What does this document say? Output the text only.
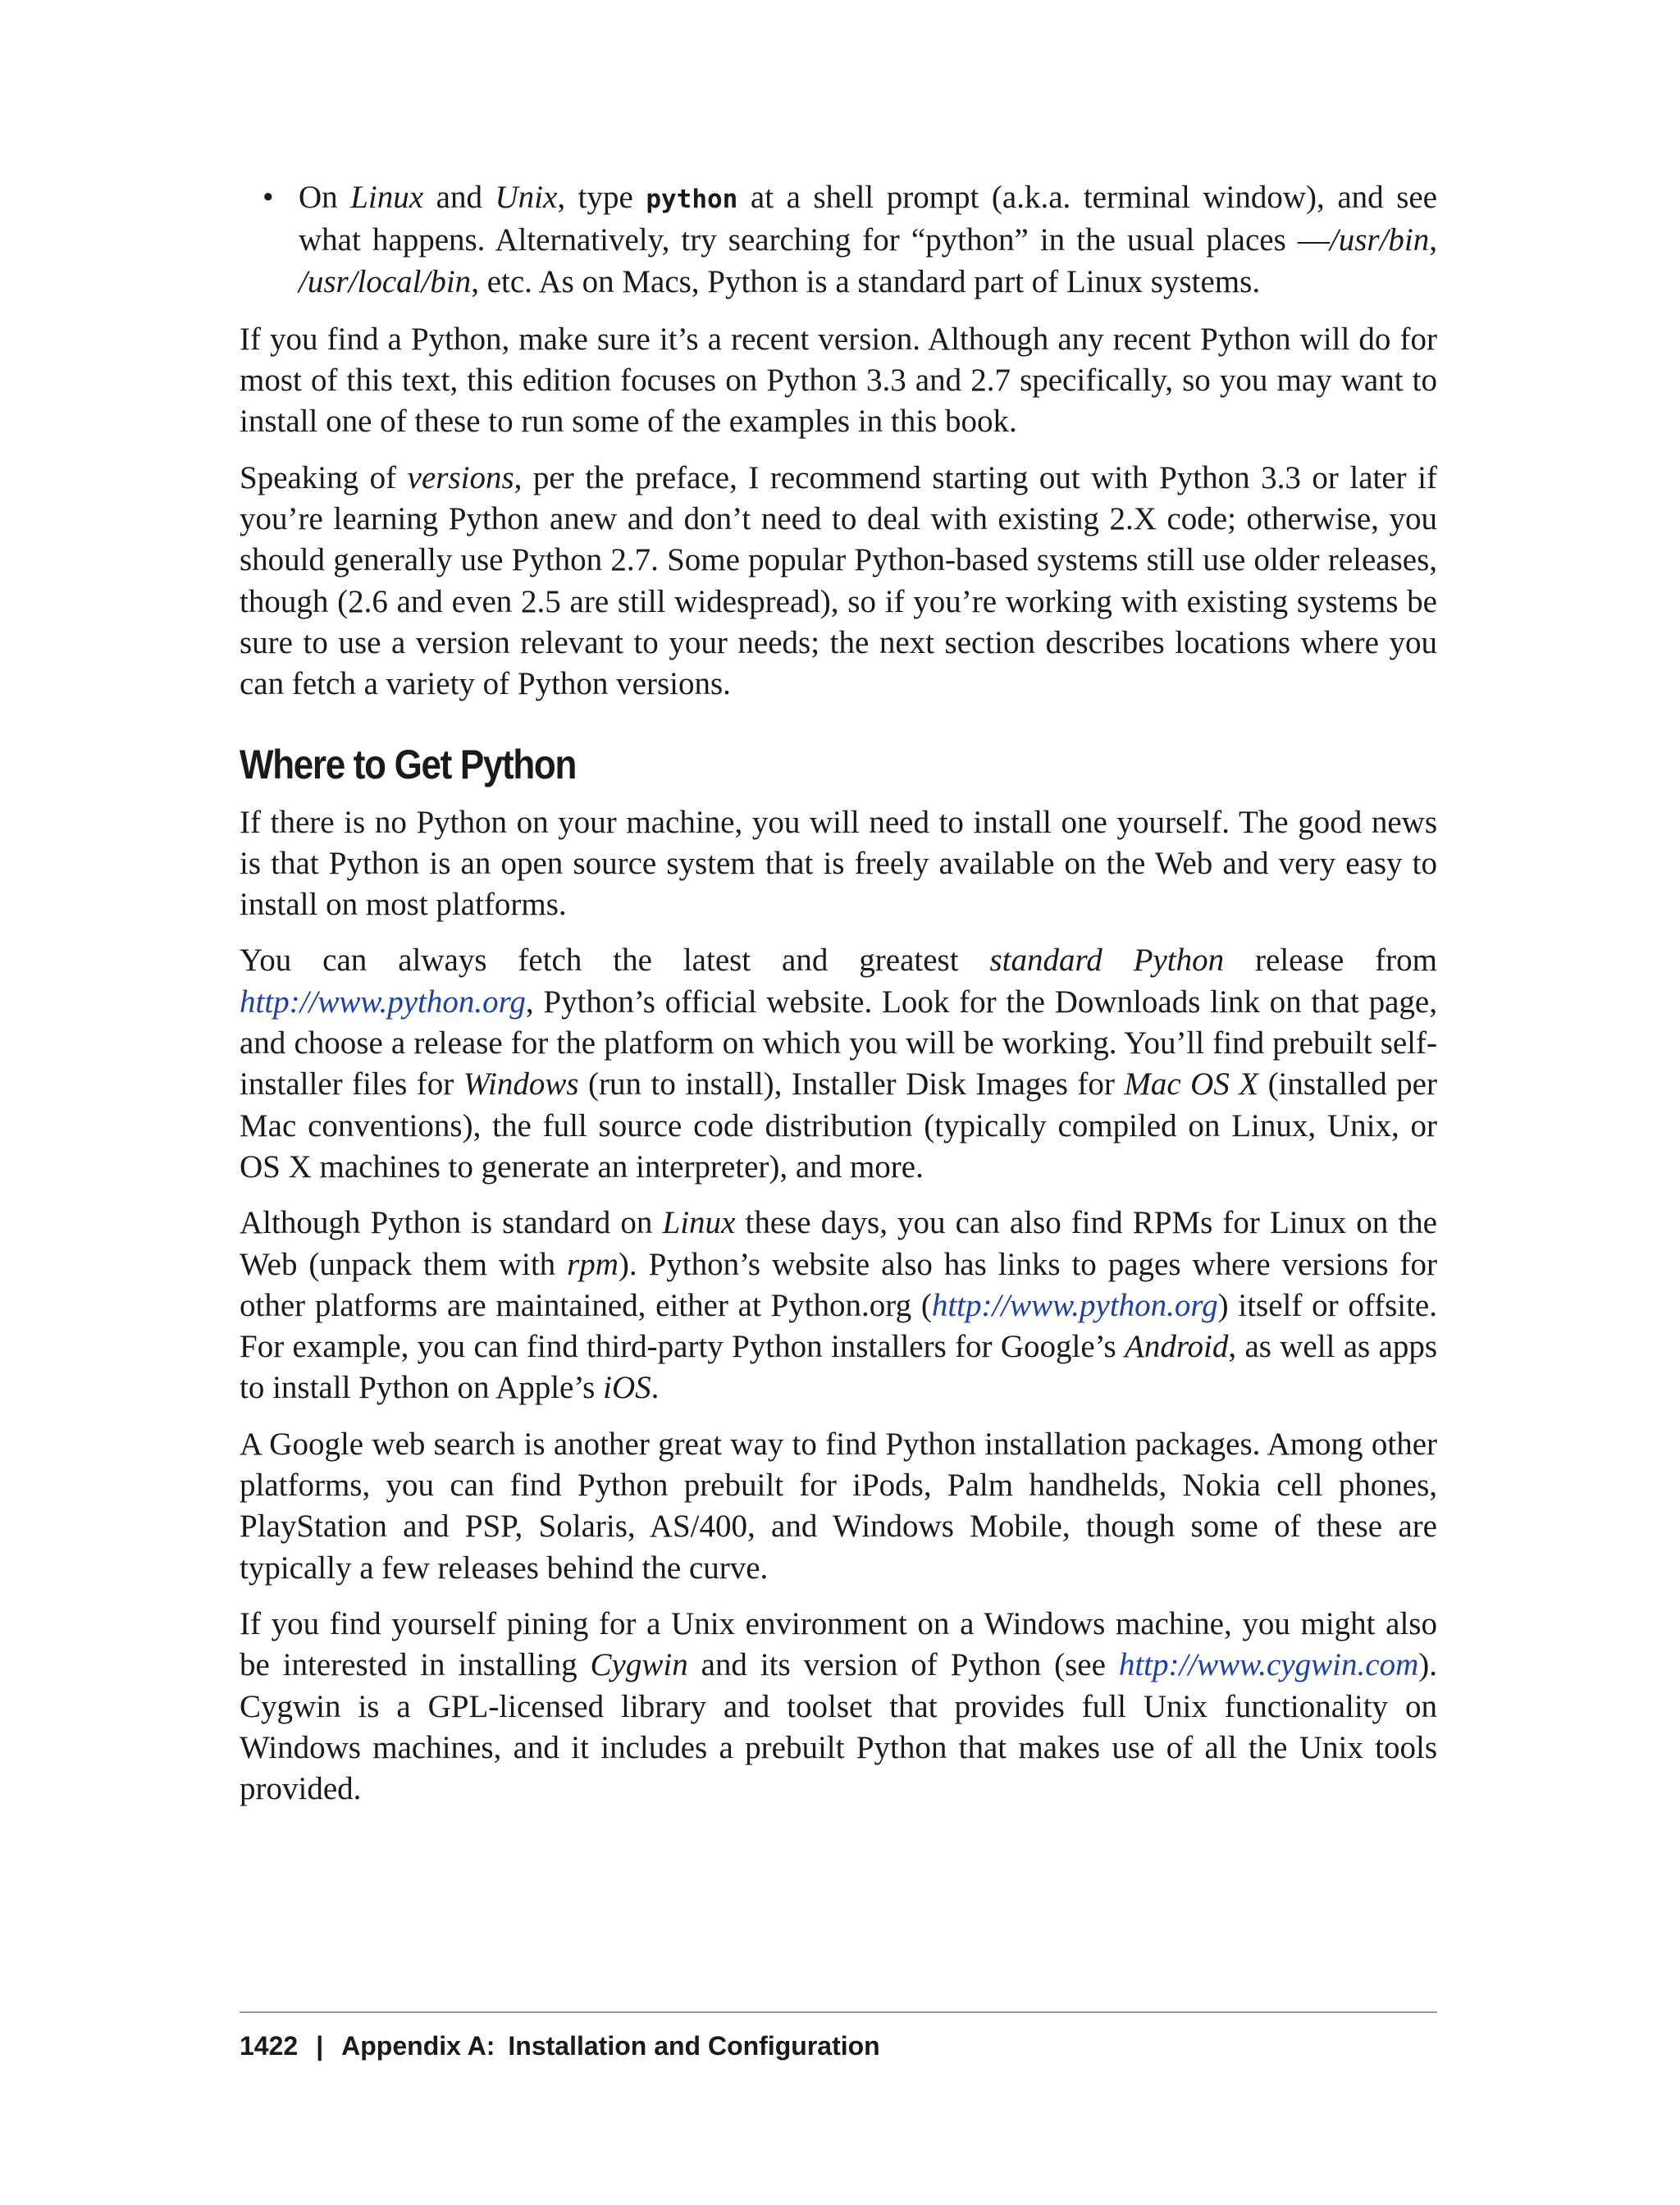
• On Linux and Unix, type python at a shell prompt (a.k.a. terminal window), and see what happens. Alternatively, try searching for “python” in the usual places —/usr/bin, /usr/local/bin, etc. As on Macs, Python is a standard part of Linux systems.

If you find a Python, make sure it’s a recent version. Although any recent Python will do for most of this text, this edition focuses on Python 3.3 and 2.7 specifically, so you may want to install one of these to run some of the examples in this book.

Speaking of versions, per the preface, I recommend starting out with Python 3.3 or later if you’re learning Python anew and don’t need to deal with existing 2.X code; otherwise, you should generally use Python 2.7. Some popular Python-based systems still use older releases, though (2.6 and even 2.5 are still widespread), so if you’re working with existing systems be sure to use a version relevant to your needs; the next section describes locations where you can fetch a variety of Python versions.

Where to Get Python

If there is no Python on your machine, you will need to install one yourself. The good news is that Python is an open source system that is freely available on the Web and very easy to install on most platforms.

You can always fetch the latest and greatest standard Python release from http://www.python.org, Python’s official website. Look for the Downloads link on that page, and choose a release for the platform on which you will be working. You’ll find prebuilt self-installer files for Windows (run to install), Installer Disk Images for Mac OS X (installed per Mac conventions), the full source code distribution (typically compiled on Linux, Unix, or OS X machines to generate an interpreter), and more.

Although Python is standard on Linux these days, you can also find RPMs for Linux on the Web (unpack them with rpm). Python’s website also has links to pages where versions for other platforms are maintained, either at Python.org (http://www.python.org) itself or offsite. For example, you can find third-party Python installers for Google’s Android, as well as apps to install Python on Apple’s iOS.

A Google web search is another great way to find Python installation packages. Among other platforms, you can find Python prebuilt for iPods, Palm handhelds, Nokia cell phones, PlayStation and PSP, Solaris, AS/400, and Windows Mobile, though some of these are typically a few releases behind the curve.

If you find yourself pining for a Unix environment on a Windows machine, you might also be interested in installing Cygwin and its version of Python (see http://www.cygwin.com). Cygwin is a GPL-licensed library and toolset that provides full Unix functionality on Windows machines, and it includes a prebuilt Python that makes use of all the Unix tools provided.

1422 | Appendix A: Installation and Configuration
